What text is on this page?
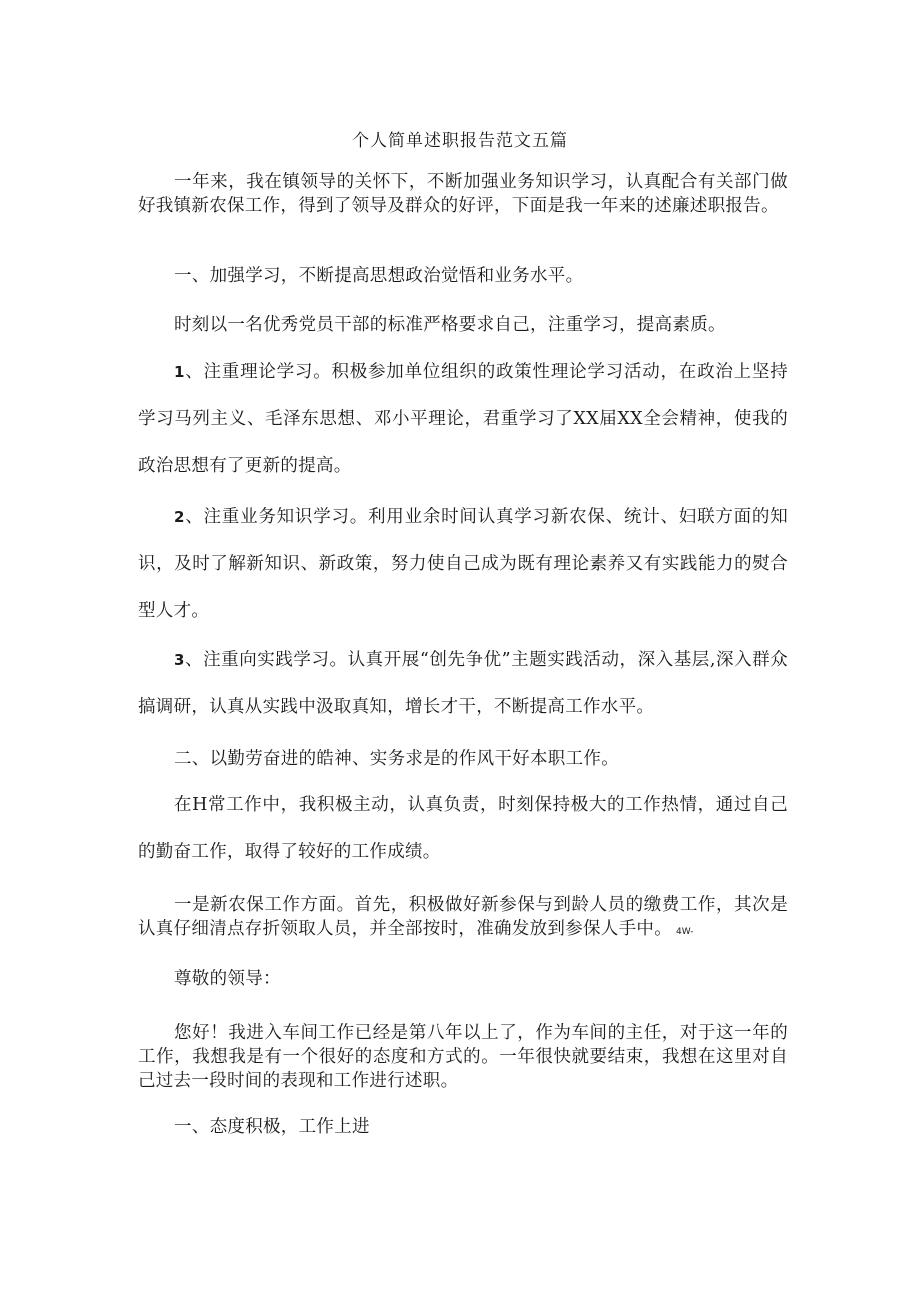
个人简单述职报告范文五篇

一年来，我在镇领导的关怀下，不断加强业务知识学习，认真配合有关部门做好我镇新农保工作，得到了领导及群众的好评，下面是我一年来的述廉述职报告。

一、加强学习，不断提高思想政治觉悟和业务水平。

时刻以一名优秀党员干部的标准严格要求自己，注重学习，提高素质。

1、注重理论学习。积极参加单位组织的政策性理论学习活动，在政治上坚持学习马列主义、毛泽东思想、邓小平理论，君重学习了XX届XX全会精神，使我的政治思想有了更新的提高。

2、注重业务知识学习。利用业余时间认真学习新农保、统计、妇联方面的知识，及时了解新知识、新政策，努力使自己成为既有理论素养又有实践能力的熨合型人才。

3、注重向实践学习。认真开展“创先争优”主题实践活动，深入基层,深入群众搞调研，认真从实践中汲取真知，增长才干，不断提高工作水平。

二、以勤劳奋进的皓神、实务求是的作风干好本职工作。

在H常工作中，我积极主动，认真负责，时刻保持极大的工作热情，通过自己的勤奋工作，取得了较好的工作成绩。

一是新农保工作方面。首先，积极做好新参保与到龄人员的缴费工作，其次是认真仔细清点存折领取人员，并全部按时，准确发放到参保人手中。 4W-

尊敬的领导：

您好！我进入车间工作已经是第八年以上了，作为车间的主任，对于这一年的工作，我想我是有一个很好的态度和方式的。一年很快就要结束，我想在这里对自己过去一段时间的表现和工作进行述职。

一、态度积极，工作上进
